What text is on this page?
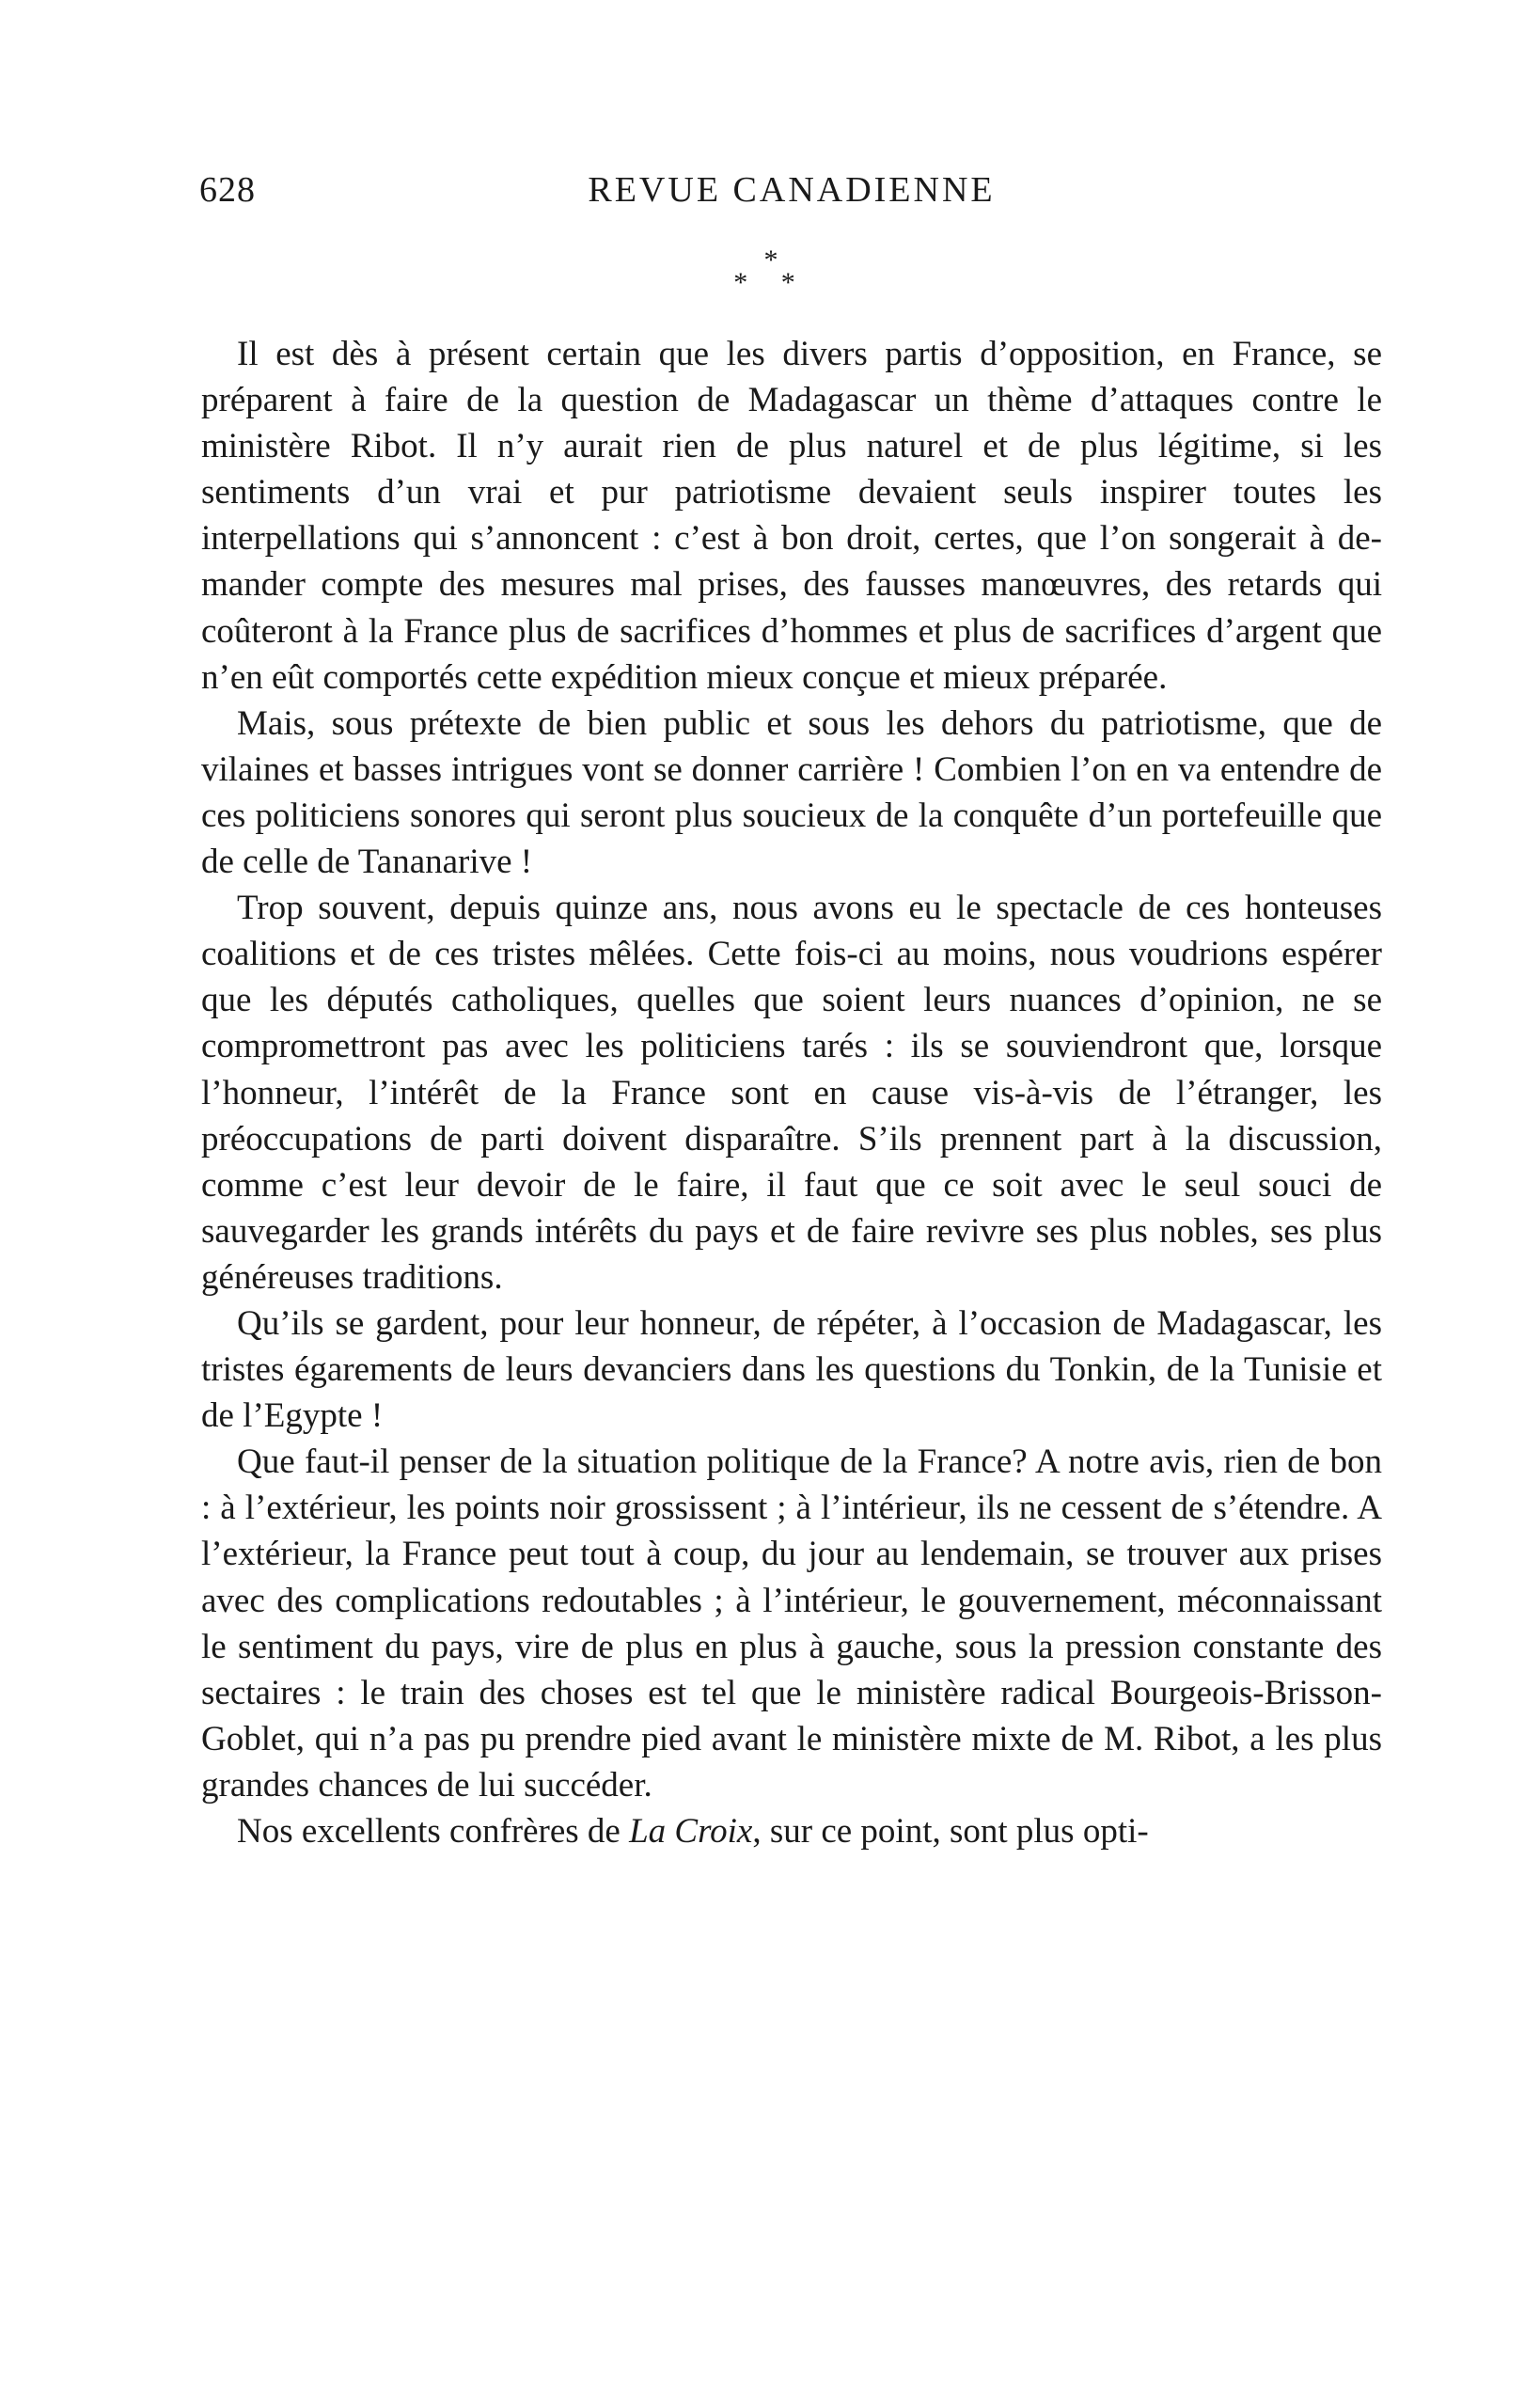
628	REVUE CANADIENNE
*
* *

Il est dès à présent certain que les divers partis d’opposition, en France, se préparent à faire de la question de Madagascar un thème d’attaques contre le ministère Ribot. Il n’y aurait rien de plus naturel et de plus légitime, si les sentiments d’un vrai et pur patriotisme devaient seuls inspirer toutes les interpellations qui s’annoncent : c’est à bon droit, certes, que l’on songerait à demander compte des mesures mal prises, des fausses manœuvres, des retards qui coûteront à la France plus de sacrifices d’hommes et plus de sacrifices d’argent que n’en eût comportés cette expédition mieux conçue et mieux préparée.

Mais, sous prétexte de bien public et sous les dehors du patriotisme, que de vilaines et basses intrigues vont se donner carrière ! Combien l’on en va entendre de ces politiciens sonores qui seront plus soucieux de la conquête d’un portefeuille que de celle de Tananarive !

Trop souvent, depuis quinze ans, nous avons eu le spectacle de ces honteuses coalitions et de ces tristes mêlées. Cette fois-ci au moins, nous voudrions espérer que les députés catholiques, quelles que soient leurs nuances d’opinion, ne se compromettront pas avec les politiciens tarés : ils se souviendront que, lorsque l’honneur, l’intérêt de la France sont en cause vis-à-vis de l’étranger, les préoccupations de parti doivent disparaître. S’ils prennent part à la discussion, comme c’est leur devoir de le faire, il faut que ce soit avec le seul souci de sauvegarder les grands intérêts du pays et de faire revivre ses plus nobles, ses plus généreuses traditions.

Qu’ils se gardent, pour leur honneur, de répéter, à l’occasion de Madagascar, les tristes égarements de leurs devanciers dans les questions du Tonkin, de la Tunisie et de l’Egypte !

Que faut-il penser de la situation politique de la France? A notre avis, rien de bon : à l’extérieur, les points noir grossissent ; à l’intérieur, ils ne cessent de s’étendre. A l’extérieur, la France peut tout à coup, du jour au lendemain, se trouver aux prises avec des complications redoutables ; à l’intérieur, le gouvernement, méconnaissant le sentiment du pays, vire de plus en plus à gauche, sous la pression constante des sectaires : le train des choses est tel que le ministère radical Bourgeois-Brisson-Goblet, qui n’a pas pu prendre pied avant le ministère mixte de M. Ribot, a les plus grandes chances de lui succéder.

Nos excellents confrères de La Croix, sur ce point, sont plus opti-
